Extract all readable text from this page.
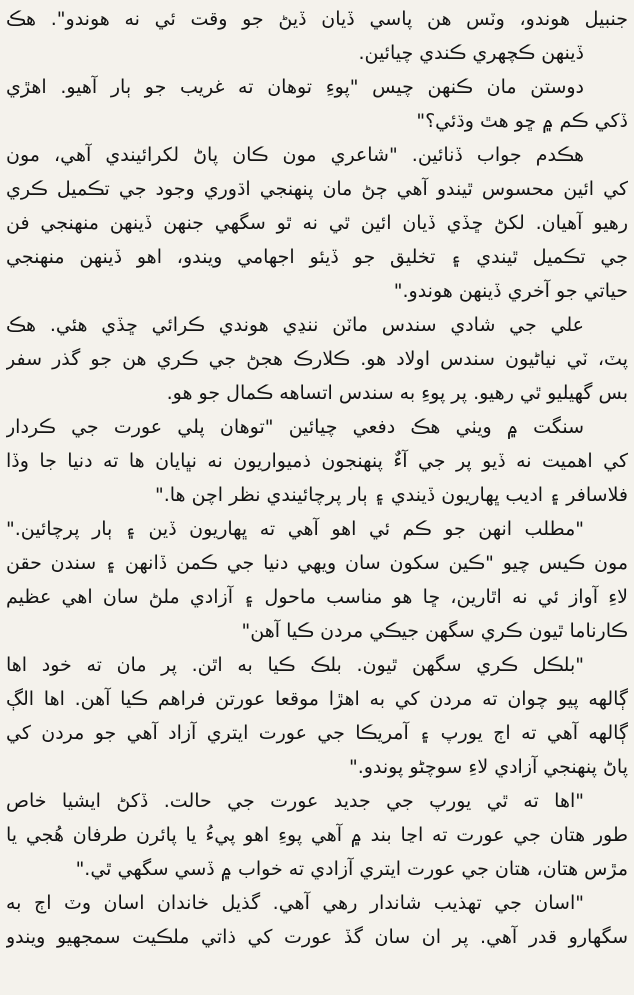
جنبيل هوندو، وٽس هن پاسي ڏيان ڏيڻ جو وقت ئي نه هوندو". هڪ
ڏينهن ڪچهري ڪندي چيائين.
دوستن مان ڪنهن چيس "پوءِ توهان ته غريب جو ٻار آهيو. اهڙي
ڏکي ڪم ۾ ڇو هٿ وڌئي؟"
هڪدم جواب ڏنائين. "شاعري مون ڪان پاڻ لکرائيندي آهي، مون
کي ائين محسوس ٿيندو آهي ڄڻ مان پنهنجي اڌوري وجود جي تڪميل ڪري
رهيو آهيان. لکڻ ڇڏي ڏيان ائين ٿي نه ٿو سگهي جنهن ڏينهن منهنجي فن
جي تڪميل ٿيندي ۽ تخليق جو ڏيئو اجهامي ويندو، اهو ڏينهن منهنجي
حياتي جو آخري ڏينهن هوندو."
علي جي شادي سندس ماٽن ننڍي هوندي ڪرائي ڇڏي هئي. هڪ
پٽ، ٽي نياڻيون سندس اولاد هو. ڪلارڪ هجڻ جي ڪري هن جو گذر سفر
بس گهيليو ٿي رهيو. پر پوءِ به سندس اتساهه ڪمال جو هو.
سنگت ۾ ويٺي هڪ دفعي چيائين "توهان پلي عورت جي ڪردار
کي اهميت نه ڏيو پر جي آءٌ پنهنجون ذميواريون نه نڀايان ها ته دنيا جا وڏا
فلاسافر ۽ اديب ڀهاريون ڏيندي ۽ ٻار پرچائيندي نظر اچن ها."
"مطلب انهن جو ڪم ئي اهو آهي ته ڀهاريون ڏين ۽ ٻار پرچائين."
مون ڪيس چيو "ڪين سکون سان ويهي دنيا جي ڪمن ڏانهن ۽ سندن حقن
لاءِ آواز ئي نه اٿارين، ڇا هو مناسب ماحول ۽ آزادي ملڻ سان اهي عظيم
ڪارناما ٿيون ڪري سگهن جيڪي مردن ڪيا آهن"
"بلڪل ڪري سگهن ٿيون. بلڪ ڪيا به اٿن. پر مان ته خود اها
ڳالهه پيو چوان ته مردن کي به اهڙا موقعا عورتن فراهم ڪيا آهن. اها الڳ
ڳالهه آهي ته اڄ يورپ ۽ آمريڪا جي عورت ايتري آزاد آهي جو مردن کي
پاڻ پنهنجي آزادي لاءِ سوچڻو پوندو."
"اها ته ٿي يورپ جي جديد عورت جي حالت. ڏکڻ ايشيا خاص
طور هتان جي عورت ته اڃا بند ۾ آهي پوءِ اهو پيءُ يا پائرن طرفان هُجي يا
مڙس هتان، هتان جي عورت ايتري آزادي ته خواب ۾ ڏسي سگهي ٿي."
"اسان جي تهذيب شاندار رهي آهي. گذيل خاندان اسان وٽ اڄ به
سگهارو قدر آهي. پر ان سان گڏ عورت کي ذاتي ملڪيت سمجهيو ويندو
